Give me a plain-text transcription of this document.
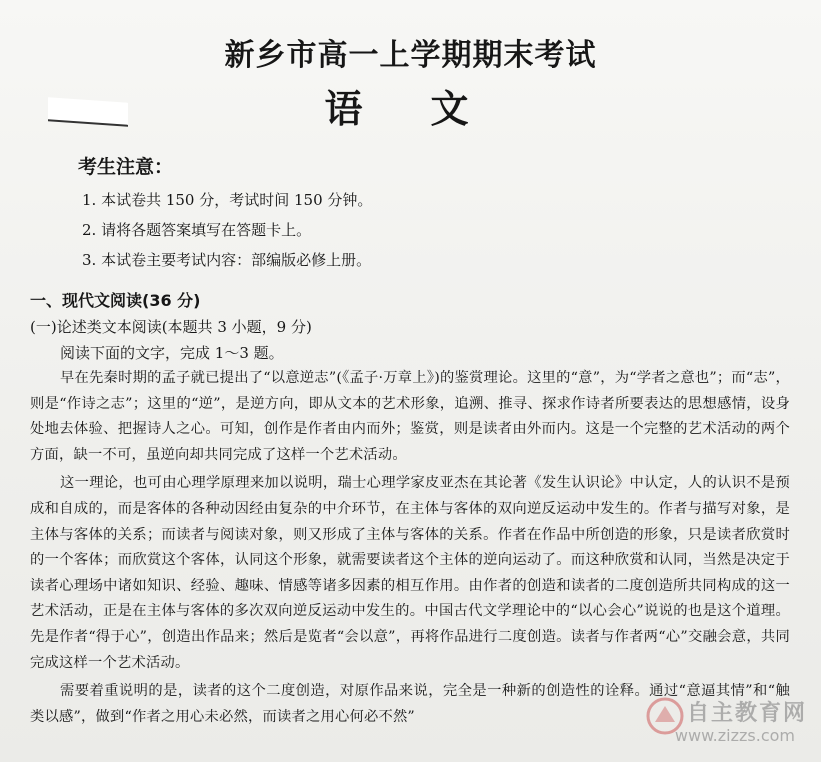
新乡市高一上学期期末考试
语文
考生注意：
1. 本试卷共 150 分，考试时间 150 分钟。
2. 请将各题答案填写在答题卡上。
3. 本试卷主要考试内容：部编版必修上册。
一、现代文阅读(36 分)
(一)论述类文本阅读(本题共 3 小题，9 分)
阅读下面的文字，完成 1～3 题。

早在先秦时期的孟子就已提出了“以意逆志”(《孟子·万章上》)的鉴赏理论。这里的“意”，为“学者之意也”；而“志”，则是“作诗之志”；这里的“逆”，是逆方向，即从文本的艺术形象，追溯、推寻、探求作诗者所要表达的思想感情，设身处地去体验、把握诗人之心。可知，创作是作者由内而外；鉴赏，则是读者由外而内。这是一个完整的艺术活动的两个方面，缺一不可，虽逆向却共同完成了这样一个艺术活动。

这一理论，也可由心理学原理来加以说明，瑞士心理学家皮亚杰在其论著《发生认识论》中认定，人的认识不是预成和自成的，而是客体的各种动因经由复杂的中介环节，在主体与客体的双向逆反运动中发生的。作者与描写对象，是主体与客体的关系；而读者与阅读对象，则又形成了主体与客体的关系。作者在作品中所创造的形象，只是读者欣赏时的一个客体；而欣赏这个客体，认同这个形象，就需要读者这个主体的逆向运动了。而这种欣赏和认同，当然是决定于读者心理场中诸如知识、经验、趣味、情感等诸多因素的相互作用。由作者的创造和读者的二度创造所共同构成的这一艺术活动，正是在主体与客体的多次双向逆反运动中发生的。中国古代文学理论中的“以心会心”说说的也是这个道理。先是作者“得于心”，创造出作品来；然后是览者“会以意”，再将作品进行二度创造。读者与作者两“心”交融会意，共同完成这样一个艺术活动。

需要着重说明的是，读者的这个二度创造，对原作品来说，完全是一种新的创造性的诠释。通过“意逼其情”和“触类以感”，做到“作者之用心未必然，而读者之用心何必不然”	自主教育网
www.zizzs.com
